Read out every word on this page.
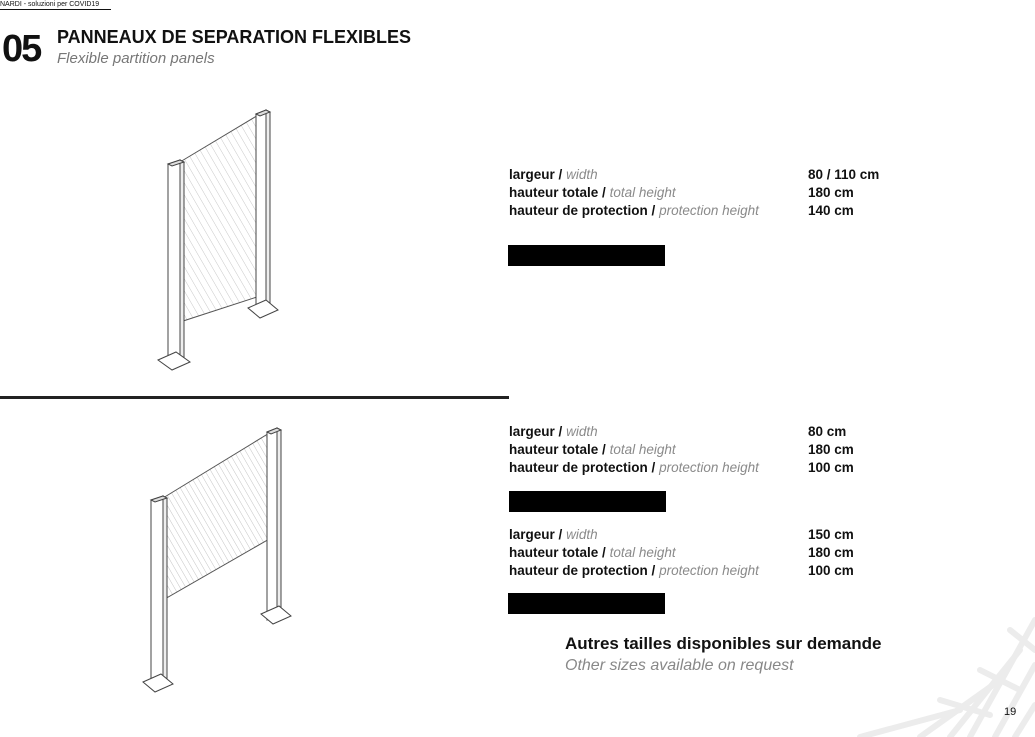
NARDI - soluzioni per COVID19
05 PANNEAUX DE SEPARATION FLEXIBLES
Flexible partition panels
largeur / width	80 / 110 cm
hauteur totale / total height	180 cm
hauteur de protection / protection height	140 cm
largeur / width	80 cm
hauteur totale / total height	180 cm
hauteur de protection / protection height	100 cm
largeur / width	150 cm
hauteur totale / total height	180 cm
hauteur de protection / protection height	100 cm
Autres tailles disponibles sur demande
Other sizes available on request
19
